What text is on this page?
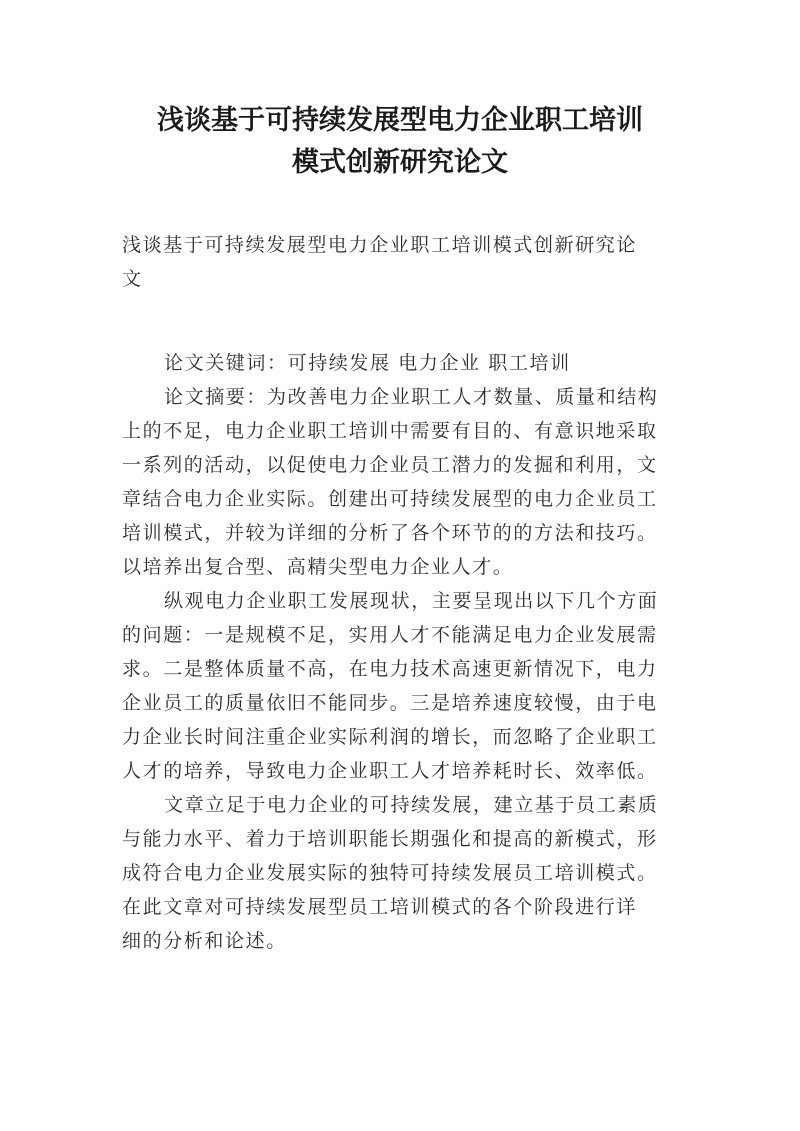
浅谈基于可持续发展型电力企业职工培训
模式创新研究论文
浅谈基于可持续发展型电力企业职工培训模式创新研究论
文
论文关键词：可持续发展 电力企业 职工培训
论文摘要：为改善电力企业职工人才数量、质量和结构
上的不足，电力企业职工培训中需要有目的、有意识地采取
一系列的活动，以促使电力企业员工潜力的发掘和利用，文
章结合电力企业实际。创建出可持续发展型的电力企业员工
培训模式，并较为详细的分析了各个环节的的方法和技巧。
以培养出复合型、高精尖型电力企业人才。
纵观电力企业职工发展现状，主要呈现出以下几个方面
的问题：一是规模不足，实用人才不能满足电力企业发展需
求。二是整体质量不高，在电力技术高速更新情况下，电力
企业员工的质量依旧不能同步。三是培养速度较慢，由于电
力企业长时间注重企业实际利润的增长，而忽略了企业职工
人才的培养，导致电力企业职工人才培养耗时长、效率低。
文章立足于电力企业的可持续发展，建立基于员工素质
与能力水平、着力于培训职能长期强化和提高的新模式，形
成符合电力企业发展实际的独特可持续发展员工培训模式。
在此文章对可持续发展型员工培训模式的各个阶段进行详
细的分析和论述。
